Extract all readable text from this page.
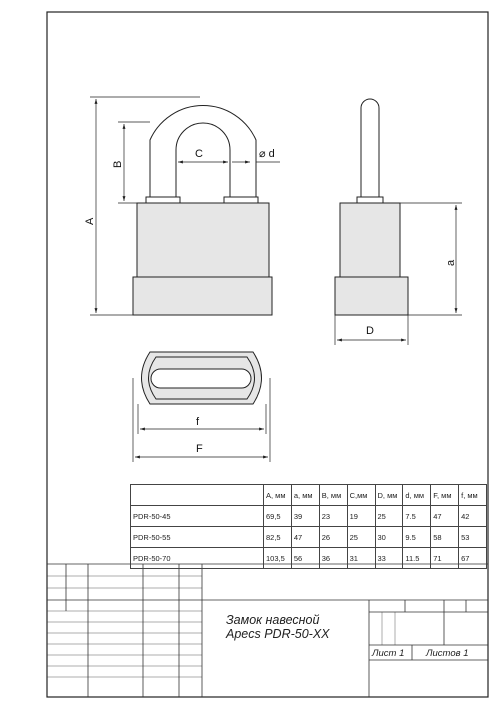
A
B
C	⌀ d
a
D
f
F
	A, мм	a, мм	B, мм	C,мм	D, мм	d, мм	F, мм	f, мм
PDR-50-45	69,5	39	23	19	25	7.5	47	42
PDR-50-55	82,5	47	26	25	30	9.5	58	53
PDR-50-70	103,5	56	36	31	33	11.5	71	67
Замок навесной
Apecs PDR-50-XX
Лист 1 Листов 1
